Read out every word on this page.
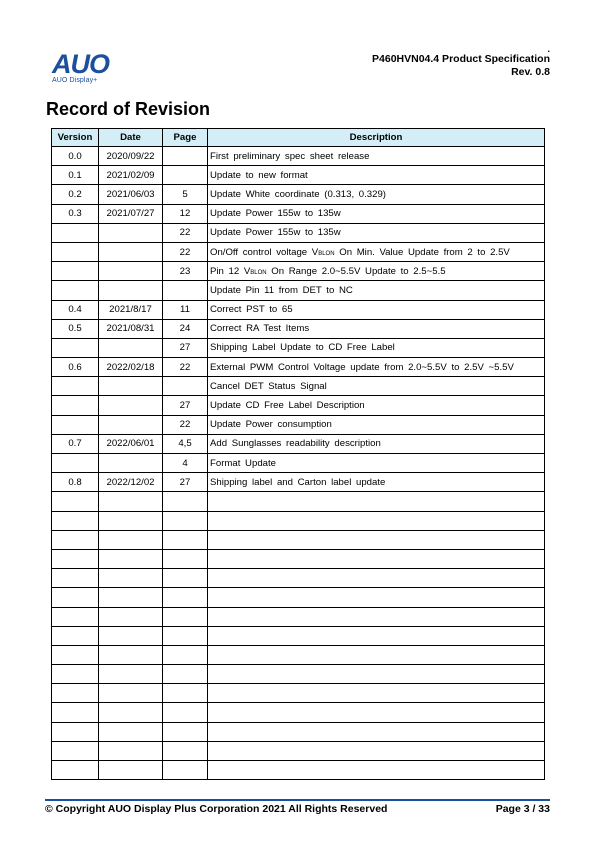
AUO
AUO Display+
.
P460HVN04.4 Product Specification
Rev. 0.8
Record of Revision
Version	Date	Page	Description
0.0	2020/09/22		First preliminary spec sheet release
0.1	2021/02/09		Update to new format
0.2	2021/06/03	5	Update White coordinate (0.313, 0.329)
0.3	2021/07/27	12	Update Power 155w to 135w
		22	Update Power 155w to 135w
		22	On/Off control voltage VBLON On Min. Value Update from 2 to 2.5V
		23	Pin 12 VBLON On Range 2.0~5.5V Update to 2.5~5.5
			Update Pin 11 from DET to NC
0.4	2021/8/17	11	Correct PST to 65
0.5	2021/08/31	24	Correct RA Test Items
		27	Shipping Label Update to CD Free Label
0.6	2022/02/18	22	External PWM Control Voltage update from 2.0~5.5V to 2.5V ~5.5V
			Cancel DET Status Signal
		27	Update CD Free Label Description
		22	Update Power consumption
0.7	2022/06/01	4,5	Add Sunglasses readability description
		4	Format Update
0.8	2022/12/02	27	Shipping label and Carton label update

© Copyright AUO Display Plus Corporation 2021 All Rights Reserved	Page 3 / 33
